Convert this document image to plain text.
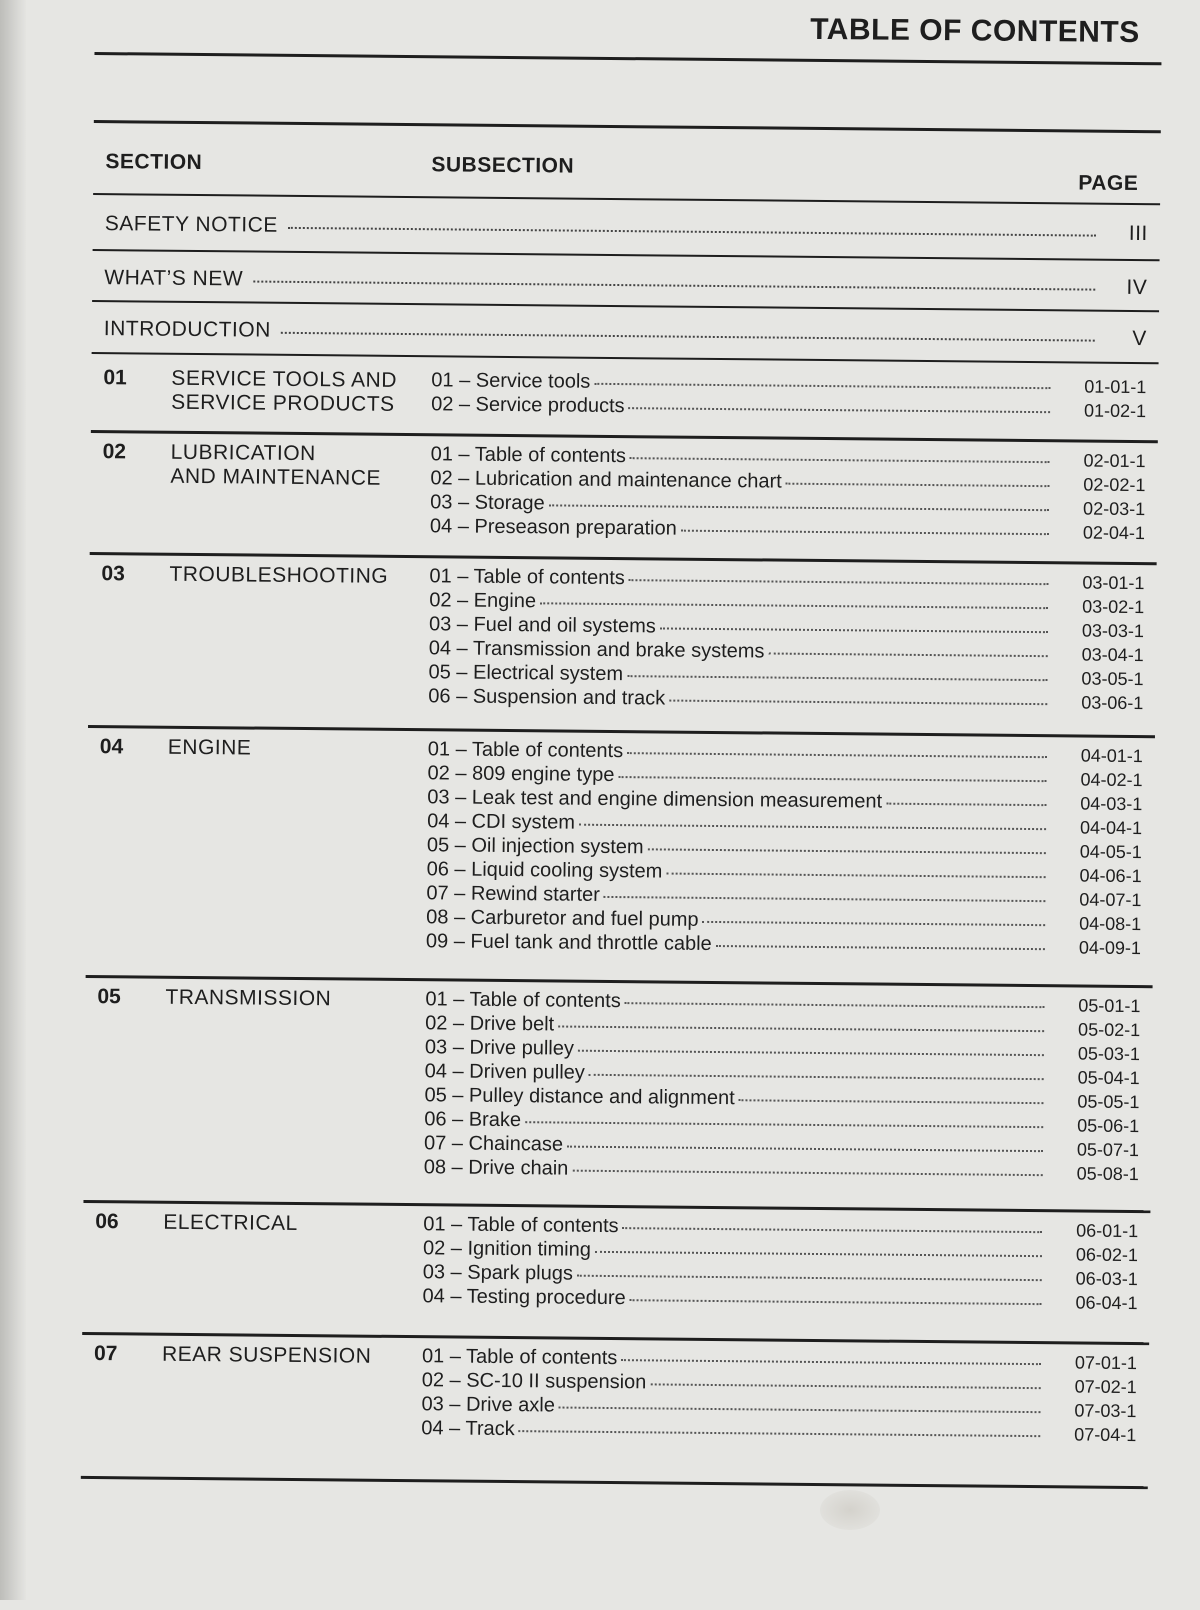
TABLE OF CONTENTS
SECTION	SUBSECTION
PAGE
SAFETY NOTICE	III
WHAT’S NEW	IV
INTRODUCTION	V
01 SERVICE TOOLS AND
SERVICE PRODUCTS
01 – Service tools	01-01-1
02 – Service products	01-02-1
02 LUBRICATION
AND MAINTENANCE
01 – Table of contents	02-01-1
02 – Lubrication and maintenance chart	02-02-1
03 – Storage	02-03-1
04 – Preseason preparation	02-04-1
03 TROUBLESHOOTING	01 – Table of contents	03-01-1
02 – Engine	03-02-1
03 – Fuel and oil systems	03-03-1
04 – Transmission and brake systems	03-04-1
05 – Electrical system	03-05-1
06 – Suspension and track	03-06-1
04 ENGINE	01 – Table of contents	04-01-1
02 – 809 engine type	04-02-1
03 – Leak test and engine dimension measurement	04-03-1
04 – CDI system	04-04-1
05 – Oil injection system	04-05-1
06 – Liquid cooling system	04-06-1
07 – Rewind starter	04-07-1
08 – Carburetor and fuel pump	04-08-1
09 – Fuel tank and throttle cable	04-09-1
05 TRANSMISSION	01 – Table of contents	05-01-1
02 – Drive belt	05-02-1
03 – Drive pulley	05-03-1
04 – Driven pulley	05-04-1
05 – Pulley distance and alignment	05-05-1
06 – Brake	05-06-1
07 – Chaincase	05-07-1
08 – Drive chain	05-08-1
06 ELECTRICAL	01 – Table of contents	06-01-1
02 – Ignition timing	06-02-1
03 – Spark plugs	06-03-1
04 – Testing procedure	06-04-1
07 REAR SUSPENSION	01 – Table of contents	07-01-1
02 – SC-10 II suspension	07-02-1
03 – Drive axle	07-03-1
04 – Track	07-04-1
